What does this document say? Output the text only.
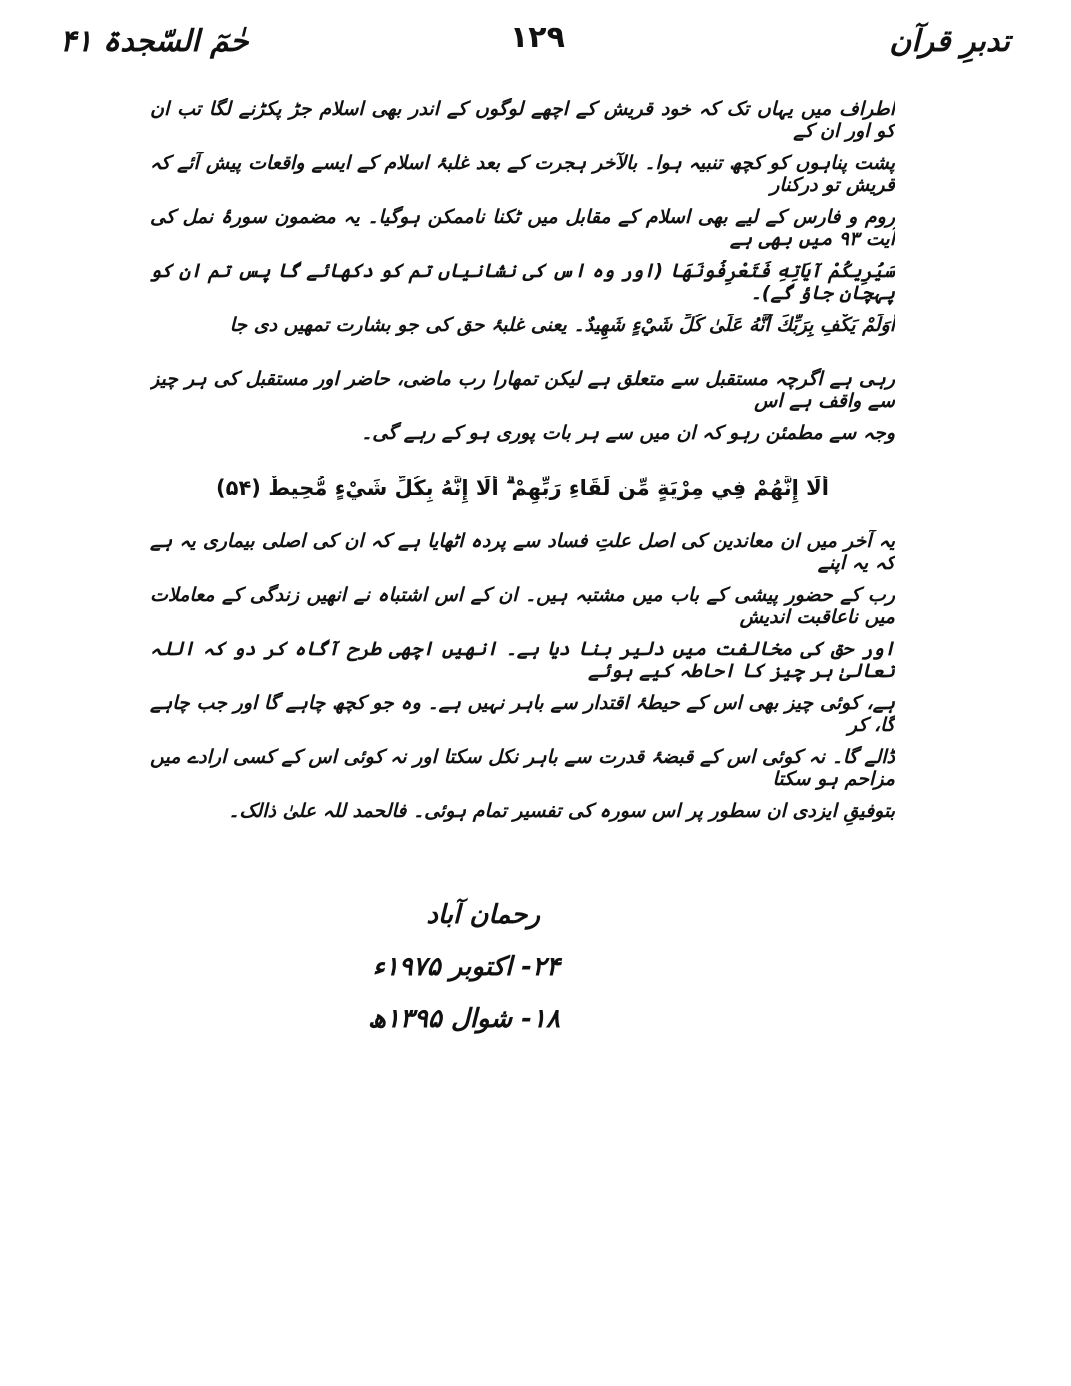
حٰمٓ السّجدۃ ۴۱	۱۲۹	تدبرِ قرآن
اطراف میں یہاں تک کہ خود قریش کے اچھے لوگوں کے اندر بھی اسلام جڑ پکڑنے لگا تب ان کو اور ان کے
پشت پناہوں کو کچھ تنبیہ ہوا۔ بالآخر ہجرت کے بعد غلبۂ اسلام کے ایسے واقعات پیش آئے کہ قریش تو درکنار
روم و فارس کے لیے بھی اسلام کے مقابل میں ٹکنا ناممکن ہوگیا۔ یہ مضمون سورۂ نمل کی آیت ۹۳ میں بھی ہے
سَيُرِيكُمْ آيَاتِهِ فَتَعْرِفُونَهَا (اور وہ اس کی نشانیاں تم کو دکھائے گا پس تم ان کو پہچان جاؤ گے)۔
أَوَلَمْ يَكْفِ بِرَبِّكَ أَنَّهُ عَلَىٰ كُلِّ شَيْءٍ شَهِيدٌ۔ یعنی غلبۂ حق کی جو بشارت تمھیں دی جا
رہی ہے اگرچہ مستقبل سے متعلق ہے لیکن تمھارا رب ماضی، حاضر اور مستقبل کی ہر چیز سے واقف ہے اس
وجہ سے مطمئن رہو کہ ان میں سے ہر بات پوری ہو کے رہے گی۔
أَلَا إِنَّهُمْ فِي مِرْيَةٍ مِّن لِّقَاءِ رَبِّهِمْ ۗ أَلَا إِنَّهُ بِكُلِّ شَيْءٍ مُّحِيطٌ (۵۴)
یہ آخر میں ان معاندین کی اصل علتِ فساد سے پردہ اٹھایا ہے کہ ان کی اصلی بیماری یہ ہے کہ یہ اپنے
رب کے حضور پیشی کے باب میں مشتبہ ہیں۔ ان کے اس اشتباہ نے انھیں زندگی کے معاملات میں ناعاقبت اندیش
اور حق کی مخالفت میں دلیر بنا دیا ہے۔ انھیں اچھی طرح آگاہ کر دو کہ اللہ تعالیٰ ہر چیز کا احاطہ کیے ہوئے
ہے، کوئی چیز بھی اس کے حیطۂ اقتدار سے باہر نہیں ہے۔ وہ جو کچھ چاہے گا اور جب چاہے گا، کر
ڈالے گا۔ نہ کوئی اس کے قبضۂ قدرت سے باہر نکل سکتا اور نہ کوئی اس کے کسی ارادے میں مزاحم ہو سکتا
بتوفیقِ ایزدی ان سطور پر اس سورہ کی تفسیر تمام ہوئی۔ فالحمد للہ علیٰ ذالک۔
رحمان آباد
۲۴- اکتوبر ۱۹۷۵ء
۱۸- شوال ۱۳۹۵ھ
